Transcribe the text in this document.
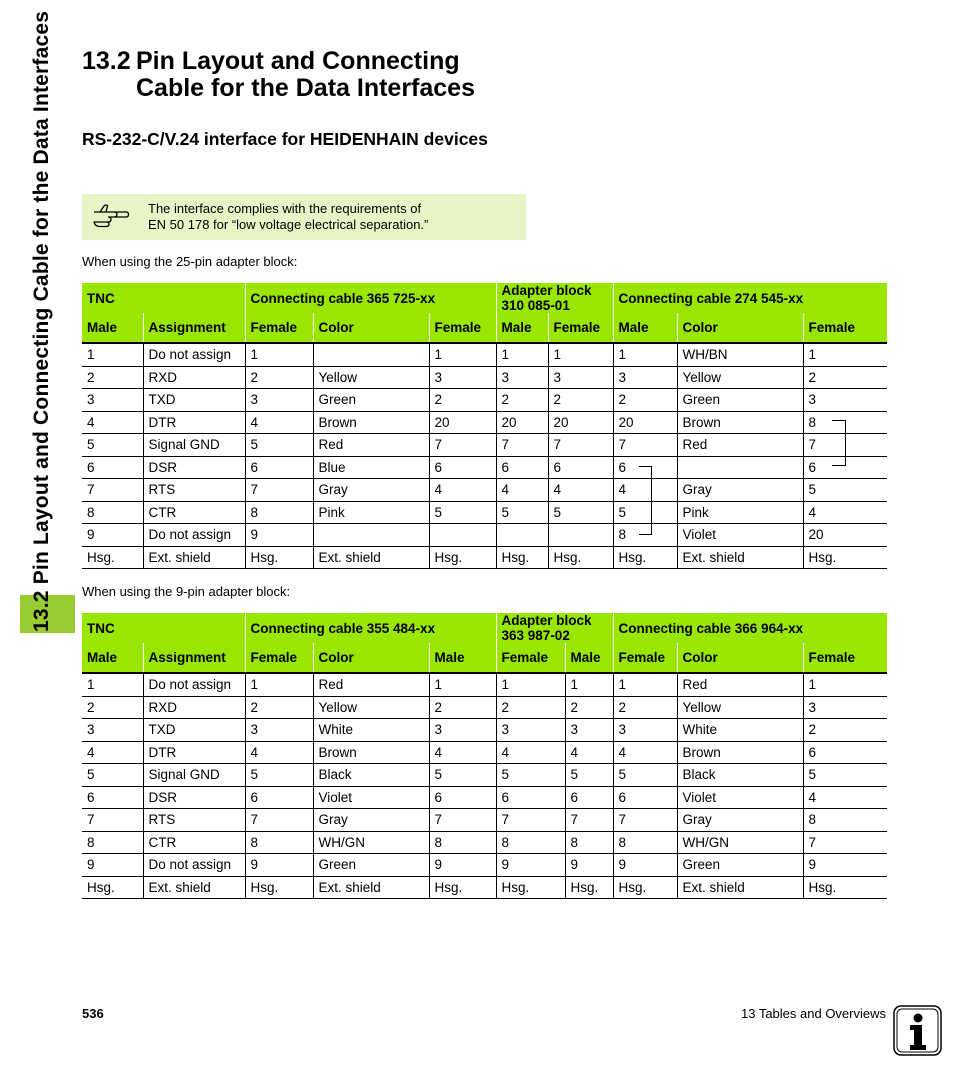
13.2 Pin Layout and Connecting Cable for the Data Interfaces 13.2 Pin Layout and Connecting
Cable for the Data Interfaces
RS-232-C/V.24 interface for HEIDENHAIN devices
The interface complies with the requirements of
EN 50 178 for “low voltage electrical separation.”
When using the 25-pin adapter block:
TNC		Connecting cable 365 725-xx			Adapter block 310 085-01		Connecting cable 274 545-xx		
Male	Assignment	Female	Color	Female	Male	Female	Male	Color	Female
1	Do not assign	1		1	1	1	1	WH/BN	1
2	RXD	2	Yellow	3	3	3	3	Yellow	2
3	TXD	3	Green	2	2	2	2	Green	3
4	DTR	4	Brown	20	20	20	20	Brown	8
5	Signal GND	5	Red	7	7	7	7	Red	7
6	DSR	6	Blue	6	6	6	6		6
7	RTS	7	Gray	4	4	4	4	Gray	5
8	CTR	8	Pink	5	5	5	5	Pink	4
9	Do not assign	9					8	Violet	20
Hsg.	Ext. shield	Hsg.	Ext. shield	Hsg.	Hsg.	Hsg.	Hsg.	Ext. shield	Hsg.
When using the 9-pin adapter block:
TNC		Connecting cable 355 484-xx			Adapter block 363 987-02		Connecting cable 366 964-xx		
Male	Assignment	Female	Color	Male	Female	Male	Female	Color	Female
1	Do not assign	1	Red	1	1	1	1	Red	1
2	RXD	2	Yellow	2	2	2	2	Yellow	3
3	TXD	3	White	3	3	3	3	White	2
4	DTR	4	Brown	4	4	4	4	Brown	6
5	Signal GND	5	Black	5	5	5	5	Black	5
6	DSR	6	Violet	6	6	6	6	Violet	4
7	RTS	7	Gray	7	7	7	7	Gray	8
8	CTR	8	WH/GN	8	8	8	8	WH/GN	7
9	Do not assign	9	Green	9	9	9	9	Green	9
Hsg.	Ext. shield	Hsg.	Ext. shield	Hsg.	Hsg.	Hsg.	Hsg.	Ext. shield	Hsg.
536	13 Tables and Overviews
